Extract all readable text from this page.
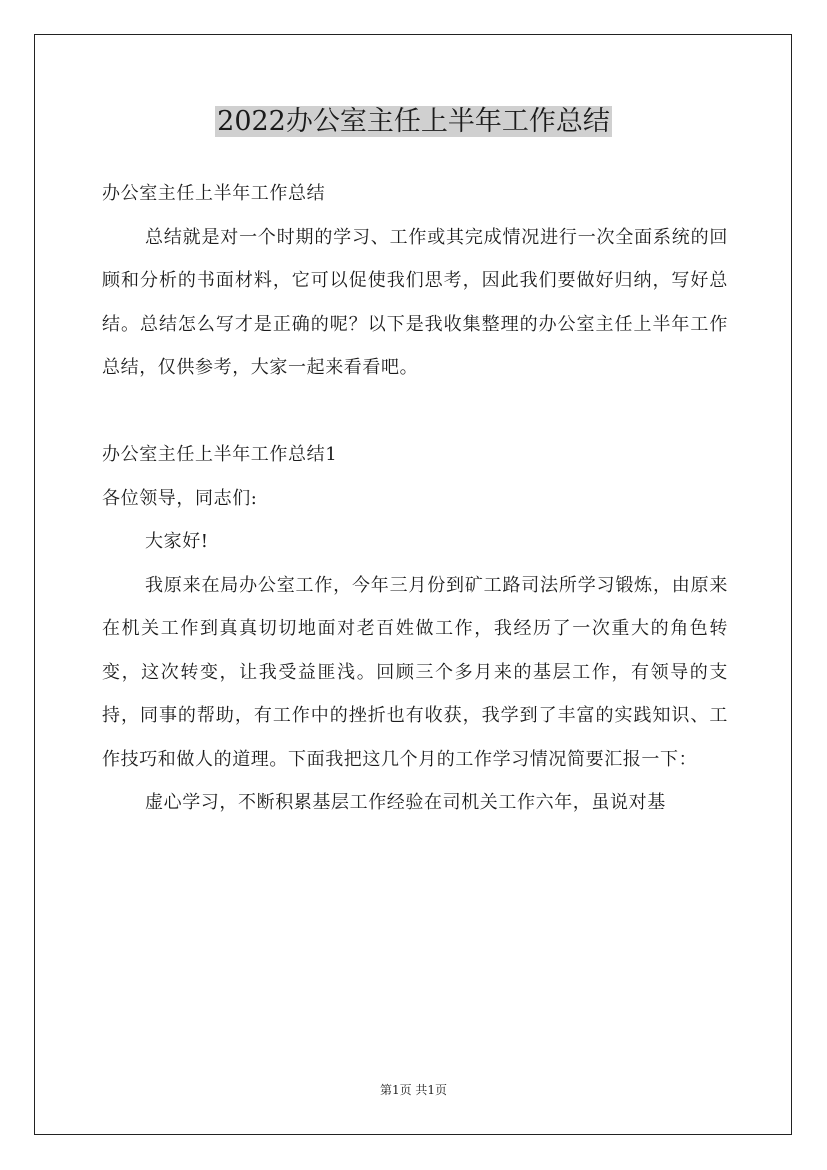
2022办公室主任上半年工作总结

办公室主任上半年工作总结

总结就是对一个时期的学习、工作或其完成情况进行一次全面系统的回顾和分析的书面材料，它可以促使我们思考，因此我们要做好归纳，写好总结。总结怎么写才是正确的呢？以下是我收集整理的办公室主任上半年工作总结，仅供参考，大家一起来看看吧。

办公室主任上半年工作总结1

各位领导，同志们:

大家好!

我原来在局办公室工作，今年三月份到矿工路司法所学习锻炼，由原来在机关工作到真真切切地面对老百姓做工作，我经历了一次重大的角色转变，这次转变，让我受益匪浅。回顾三个多月来的基层工作，有领导的支持，同事的帮助，有工作中的挫折也有收获，我学到了丰富的实践知识、工作技巧和做人的道理。下面我把这几个月的工作学习情况简要汇报一下：

虚心学习，不断积累基层工作经验在司机关工作六年，虽说对基

第1页 共1页
